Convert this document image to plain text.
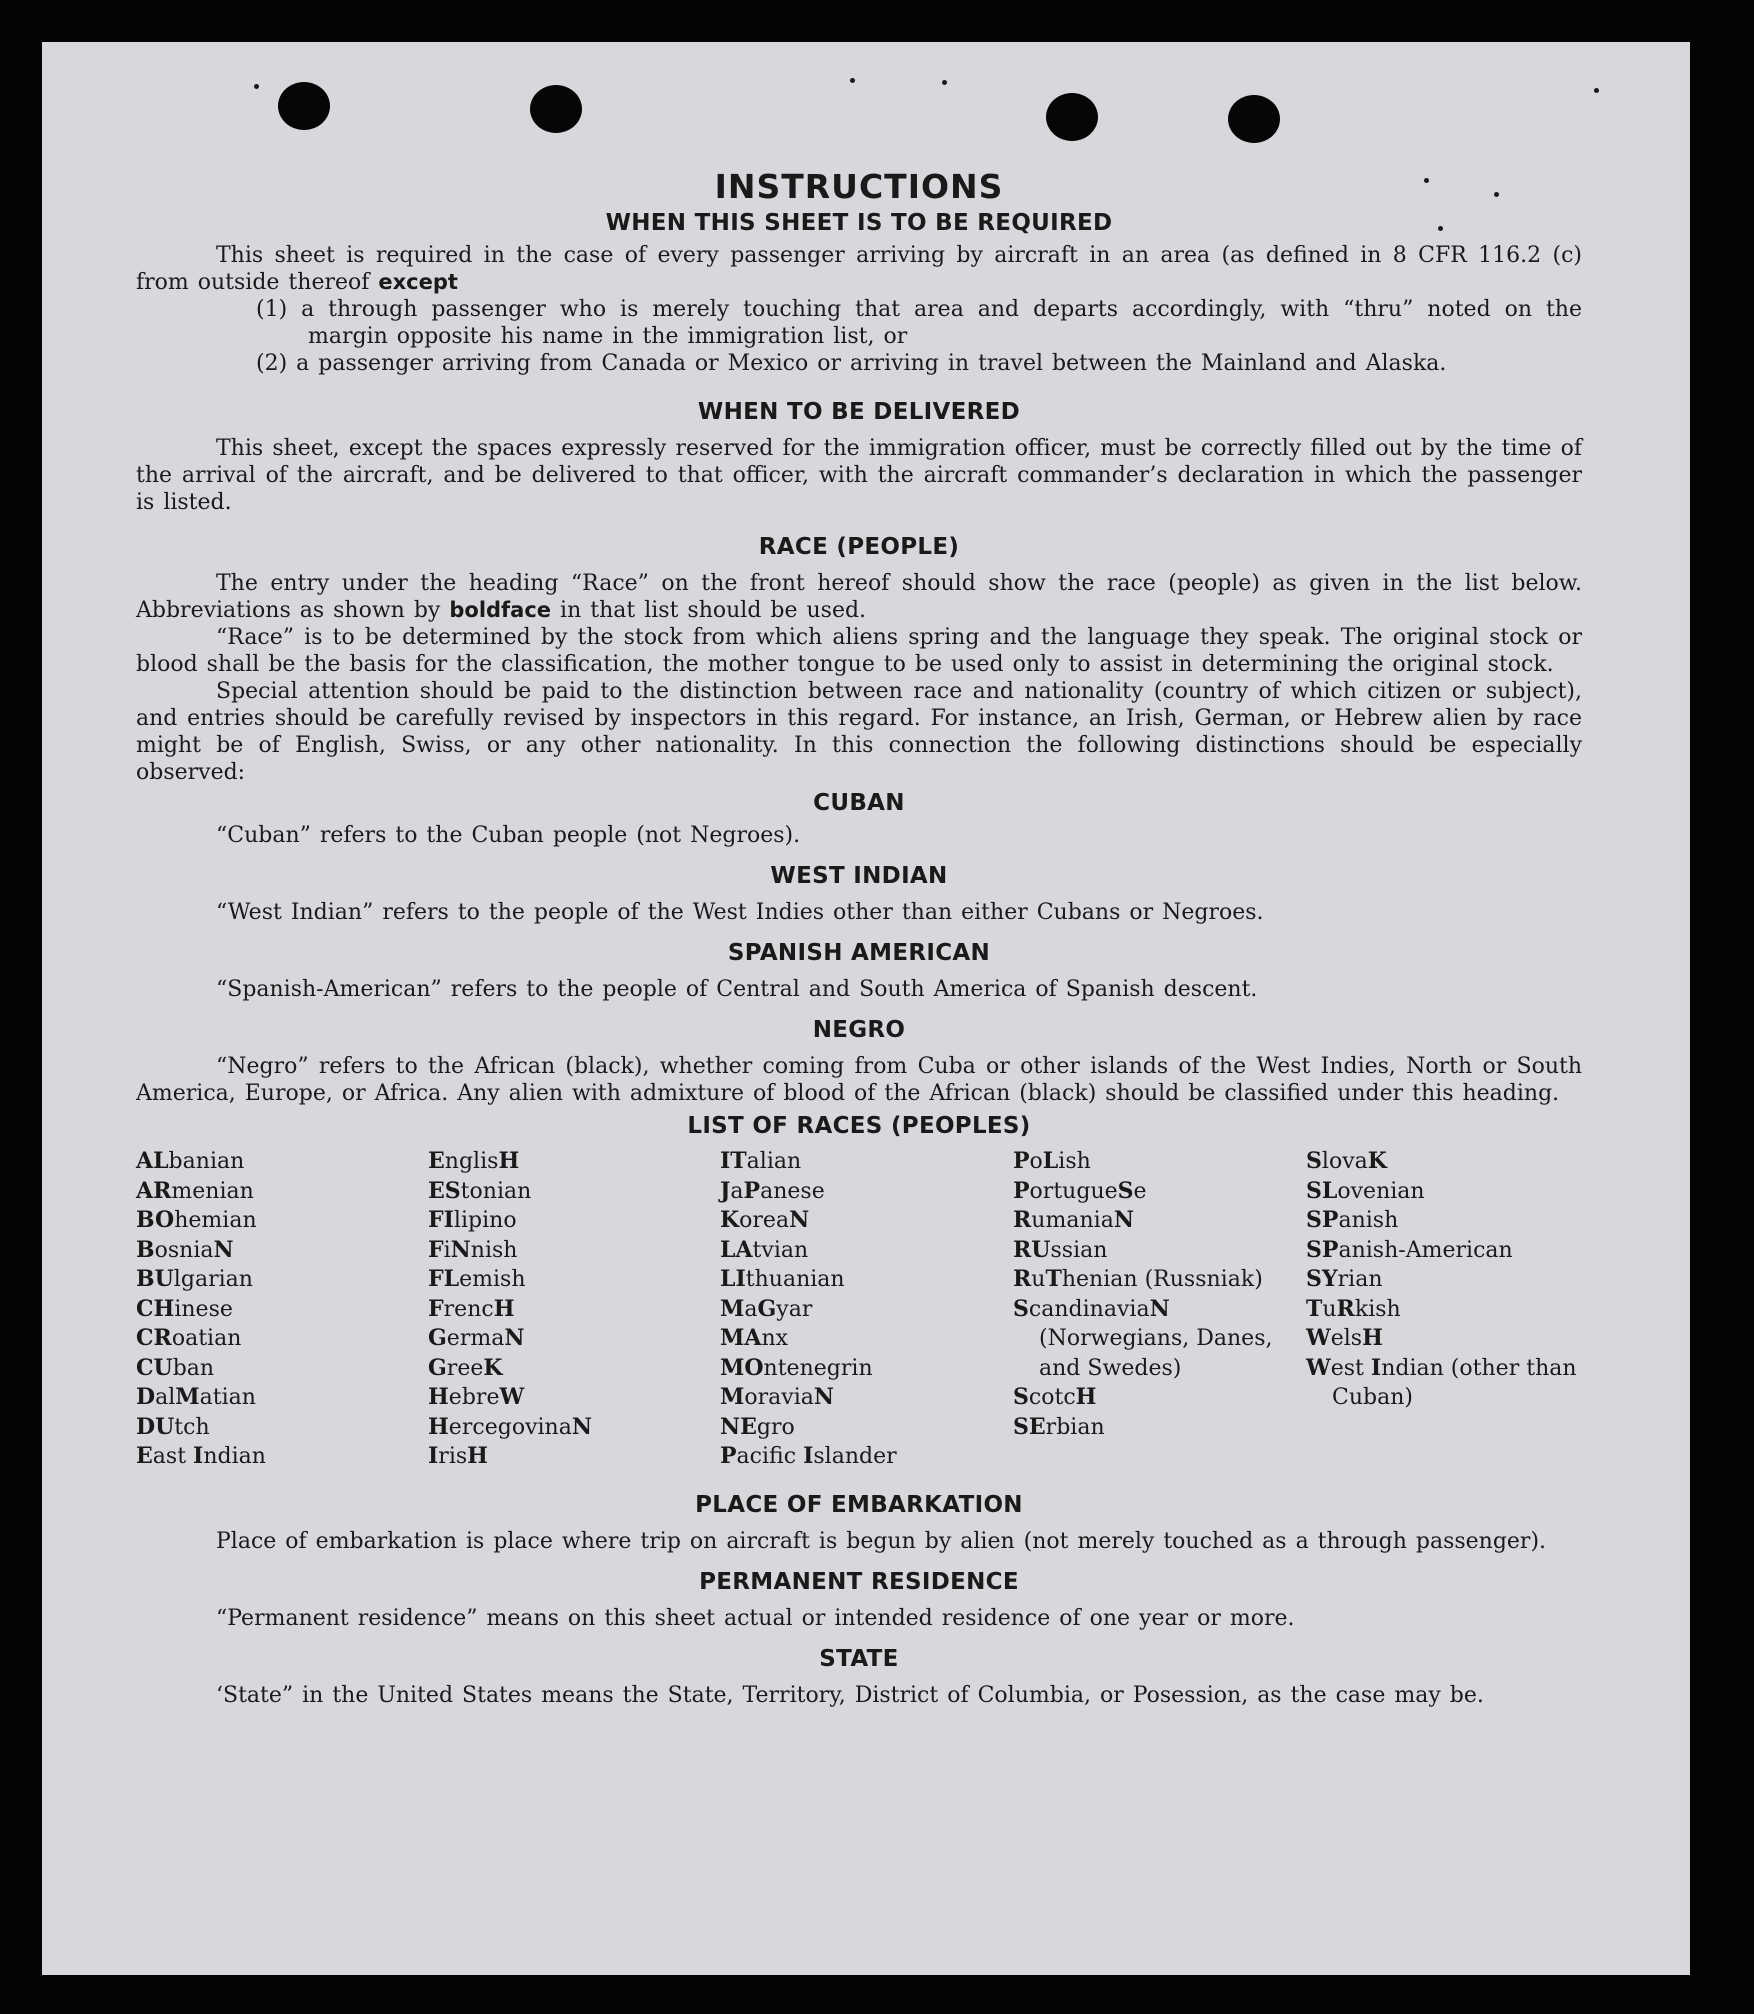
INSTRUCTIONS
WHEN THIS SHEET IS TO BE REQUIRED

This sheet is required in the case of every passenger arriving by aircraft in an area (as defined in 8 CFR 116.2 (c) from outside thereof except

(1) a through passenger who is merely touching that area and departs accordingly, with “thru” noted on the margin opposite his name in the immigration list, or
(2) a passenger arriving from Canada or Mexico or arriving in travel between the Mainland and Alaska.
WHEN TO BE DELIVERED

This sheet, except the spaces expressly reserved for the immigration officer, must be correctly filled out by the time of the arrival of the aircraft, and be delivered to that officer, with the aircraft commander’s declaration in which the passenger is listed.

RACE (PEOPLE)

The entry under the heading “Race” on the front hereof should show the race (people) as given in the list below. Abbreviations as shown by boldface in that list should be used.

“Race” is to be determined by the stock from which aliens spring and the language they speak. The original stock or blood shall be the basis for the classification, the mother tongue to be used only to assist in determining the original stock.

Special attention should be paid to the distinction between race and nationality (country of which citizen or subject), and entries should be carefully revised by inspectors in this regard. For instance, an Irish, German, or Hebrew alien by race might be of English, Swiss, or any other nationality. In this connection the following distinctions should be especially observed:

CUBAN

“Cuban” refers to the Cuban people (not Negroes).

WEST INDIAN

“West Indian” refers to the people of the West Indies other than either Cubans or Negroes.

SPANISH AMERICAN

“Spanish-American” refers to the people of Central and South America of Spanish descent.

NEGRO

“Negro” refers to the African (black), whether coming from Cuba or other islands of the West Indies, North or South America, Europe, or Africa. Any alien with admixture of blood of the African (black) should be classified under this heading.

LIST OF RACES (PEOPLES)
ALbanian
ARmenian
BOhemian
BosniaN
BUlgarian
CHinese
CRoatian
CUban
DalMatian
DUtch
East Indian
EnglisH
EStonian
FIlipino
FiNnish
FLemish
FrencH
GermaN
GreeK
HebreW
HercegovinaN
IrisH
ITalian
JaPanese
KoreaN
LAtvian
LIthuanian
MaGyar
MAnx
MOntenegrin
MoraviaN
NEgro
Pacifc Islander
PoLish
PortugueSe
RumaniaN
RUssian
RuThenian (Russniak)
ScandinaviaN (Norwegians, Danes, and Swedes)
ScotcH
SErbian
SlovaK
SLovenian
SPanish
SPanish-American
SYrian
TuRkish
WelsH
West Indian (other than Cuban)
PLACE OF EMBARKATION

Place of embarkation is place where trip on aircraft is begun by alien (not merely touched as a through passenger).

PERMANENT RESIDENCE

“Permanent residence” means on this sheet actual or intended residence of one year or more.

STATE

‘State” in the United States means the State, Territory, District of Columbia, or Posession, as the case may be.
